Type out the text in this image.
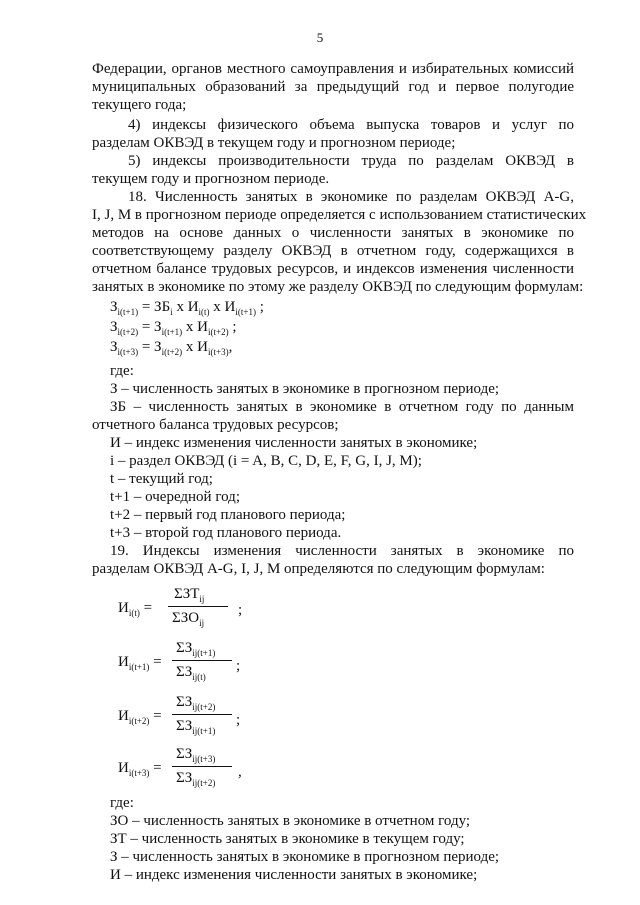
5
Федерации, органов местного самоуправления и избирательных комиссий
муниципальных образований за предыдущий год и первое полугодие
текущего года;
4) индексы физического объема выпуска товаров и услуг по
разделам ОКВЭД в текущем году и прогнозном периоде;
5) индексы производительности труда по разделам ОКВЭД в
текущем году и прогнозном периоде.
18. Численность занятых в экономике по разделам ОКВЭД A-G,
I, J, M в прогнозном периоде определяется с использованием статистических
методов на основе данных о численности занятых в экономике по
соответствующему разделу ОКВЭД в отчетном году, содержащихся в
отчетном балансе трудовых ресурсов, и индексов изменения численности
занятых в экономике по этому же разделу ОКВЭД по следующим формулам:
$З_{i(t+1)} = ЗБ_i$ x $И_{i(t)}$ x $И_{i(t+1)}$ ;
$З_{i(t+2)} = З_{i(t+1)}$ x $И_{i(t+2)}$ ;
$З_{i(t+3)} = З_{i(t+2)}$ x $И_{i(t+3)}$,
где:
З – численность занятых в экономике в прогнозном периоде;
ЗБ – численность занятых в экономике в отчетном году по данным
отчетного баланса трудовых ресурсов;
И – индекс изменения численности занятых в экономике;
i – раздел ОКВЭД (i = A, B, C, D, E, F, G, I, J, M);
t – текущий год;
t+1 – очередной год;
t+2 – первый год планового периода;
t+3 – второй год планового периода.
19. Индексы изменения численности занятых в экономике по
разделам ОКВЭД A-G, I, J, M определяются по следующим формулам:
$И_{i(t)}$ =
$\Sigma ЗТ_{ij}$
$\Sigma ЗО_{ij}$
;
$И_{i(t+1)}$ =
$\Sigma З_{ij(t+1)}$
$\Sigma З_{ij(t)}$
;
$И_{i(t+2)}$ =
$\Sigma З_{ij(t+2)}$
$\Sigma З_{ij(t+1)}$
;
$И_{i(t+3)}$ =
$\Sigma З_{ij(t+3)}$
$\Sigma З_{ij(t+2)}$
,
где:
ЗО – численность занятых в экономике в отчетном году;
ЗТ – численность занятых в экономике в текущем году;
З – численность занятых в экономике в прогнозном периоде;
И – индекс изменения численности занятых в экономике;
